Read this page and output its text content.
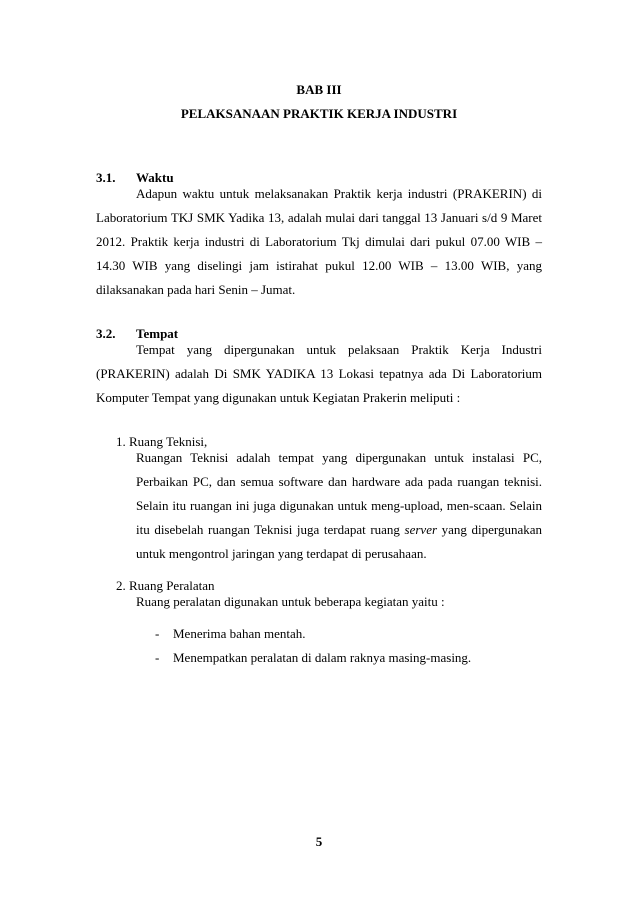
BAB III
PELAKSANAAN PRAKTIK KERJA INDUSTRI
3.1. Waktu
Adapun waktu untuk melaksanakan Praktik kerja industri (PRAKERIN) di
Laboratorium TKJ SMK Yadika 13, adalah mulai dari tanggal 13 Januari s/d 9 Maret
2012. Praktik kerja industri di Laboratorium Tkj dimulai dari pukul 07.00 WIB –
14.30 WIB yang diselingi jam istirahat pukul 12.00 WIB – 13.00 WIB, yang
dilaksanakan pada hari Senin – Jumat.
3.2. Tempat
Tempat yang dipergunakan untuk pelaksaan Praktik Kerja Industri
(PRAKERIN) adalah Di SMK YADIKA 13 Lokasi tepatnya ada Di Laboratorium
Komputer Tempat yang digunakan untuk Kegiatan Prakerin meliputi :
1. Ruang Teknisi,
Ruangan Teknisi adalah tempat yang dipergunakan untuk instalasi PC,
Perbaikan PC, dan semua software dan hardware ada pada ruangan teknisi.
Selain itu ruangan ini juga digunakan untuk meng-upload, men-scaan. Selain
itu disebelah ruangan Teknisi juga terdapat ruang server yang dipergunakan
untuk mengontrol jaringan yang terdapat di perusahaan.
2. Ruang Peralatan
Ruang peralatan digunakan untuk beberapa kegiatan yaitu :
- Menerima bahan mentah.
- Menempatkan peralatan di dalam raknya masing-masing.
5
